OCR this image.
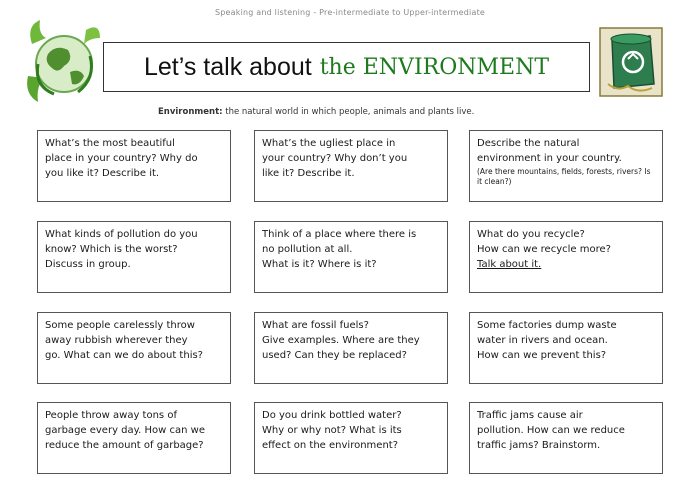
Speaking and listening - Pre-intermediate to Upper-intermediate
Let’s talk about the ENVIRONMENT
Environment: the natural world in which people, animals and plants live.
What’s the most beautiful
place in your country? Why do
you like it? Describe it.
What’s the ugliest place in
your country? Why don’t you
like it? Describe it.
Describe the natural
environment in your country.
(Are there mountains, fields, forests, rivers? Is it clean?)
What kinds of pollution do you
know? Which is the worst?
Discuss in group.
Think of a place where there is
no pollution at all.
What is it? Where is it?
What do you recycle?
How can we recycle more?
Talk about it.
Some people carelessly throw
away rubbish wherever they
go. What can we do about this?
What are fossil fuels?
Give examples. Where are they
used? Can they be replaced?
Some factories dump waste
water in rivers and ocean.
How can we prevent this?
People throw away tons of
garbage every day. How can we
reduce the amount of garbage?
Do you drink bottled water?
Why or why not? What is its
effect on the environment?
Traffic jams cause air
pollution. How can we reduce
traffic jams? Brainstorm.
